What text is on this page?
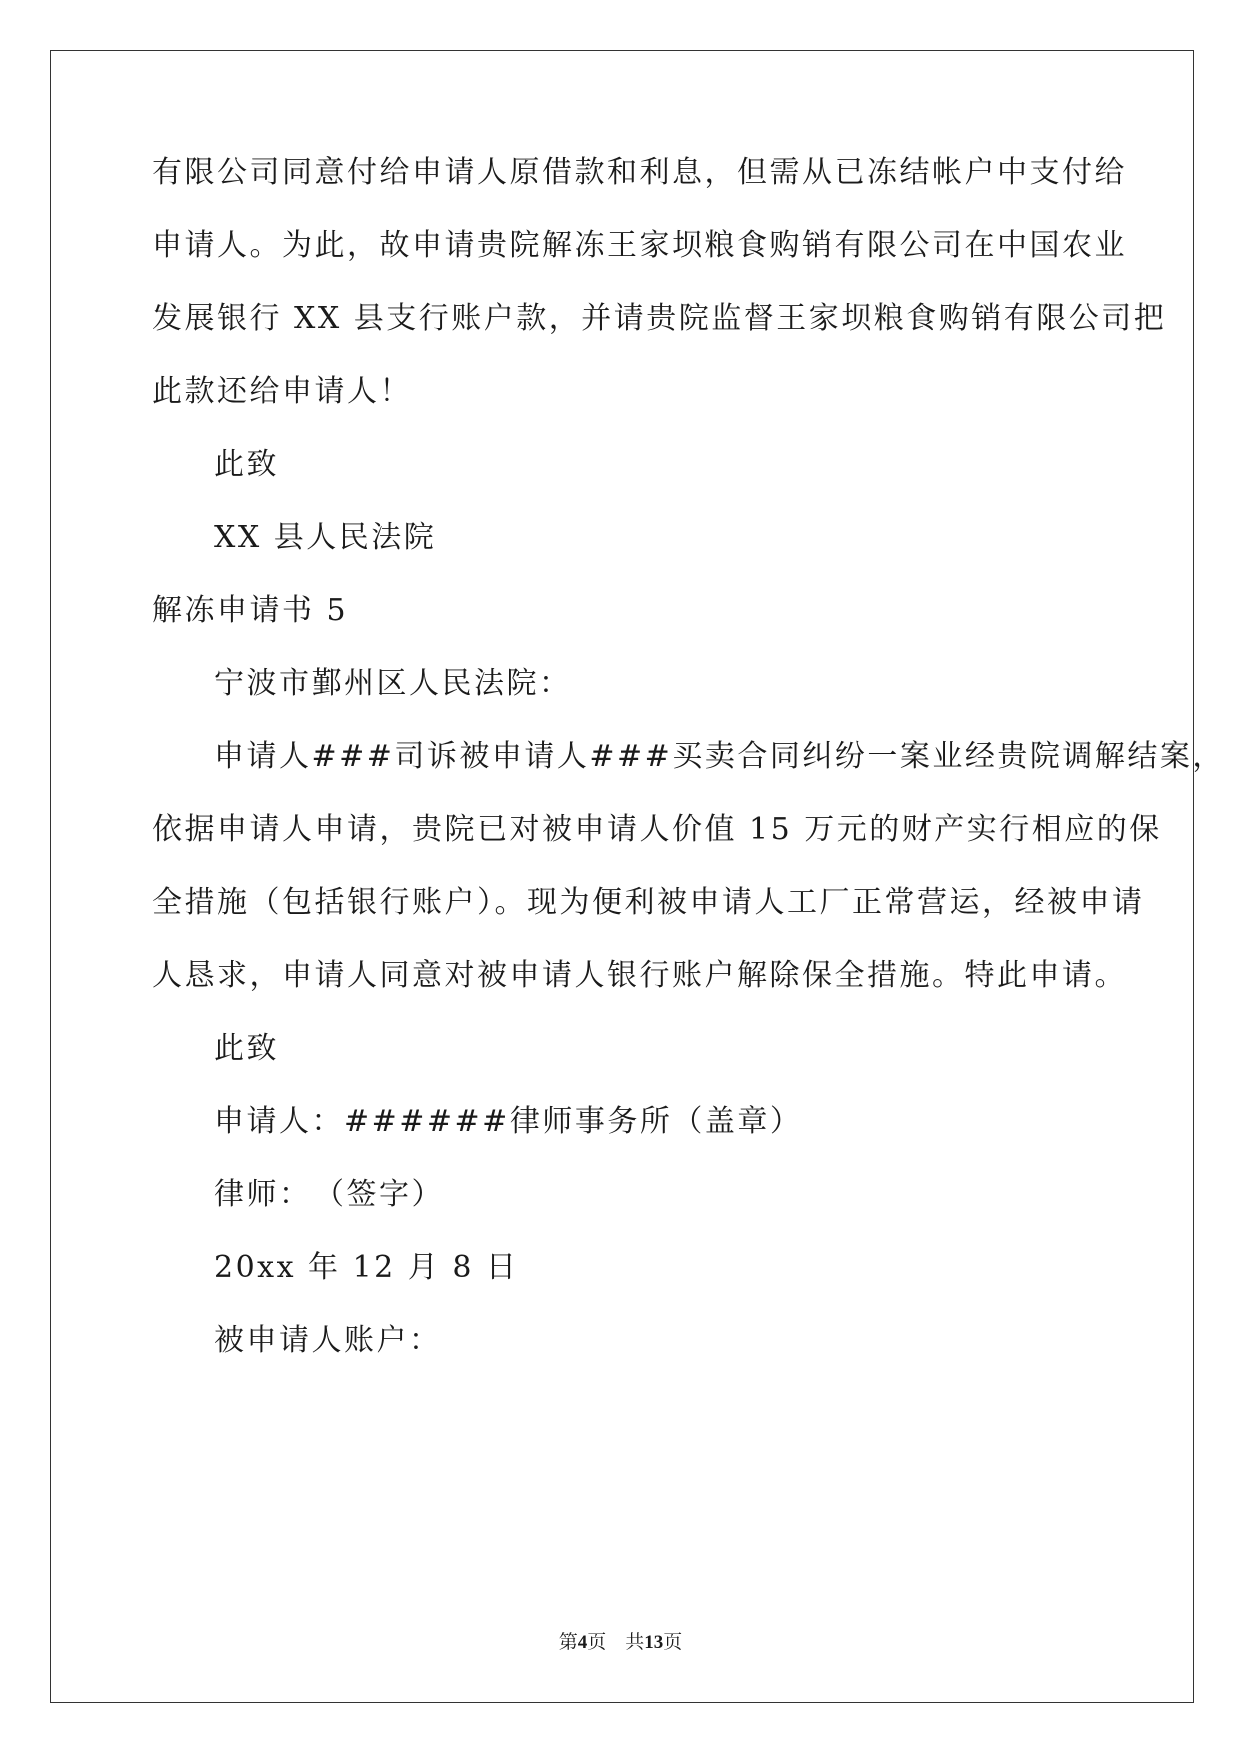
有限公司同意付给申请人原借款和利息，但需从已冻结帐户中支付给
申请人。为此，故申请贵院解冻王家坝粮食购销有限公司在中国农业
发展银行 XX 县支行账户款，并请贵院监督王家坝粮食购销有限公司把
此款还给申请人！
此致
XX 县人民法院
解冻申请书 5
宁波市鄞州区人民法院：
申请人###司诉被申请人###买卖合同纠纷一案业经贵院调解结案，
依据申请人申请，贵院已对被申请人价值 15 万元的财产实行相应的保
全措施（包括银行账户）。现为便利被申请人工厂正常营运，经被申请
人恳求，申请人同意对被申请人银行账户解除保全措施。特此申请。
此致
申请人：######律师事务所（盖章）
律师：　（签字）
20xx 年 12 月 8 日
被申请人账户：
第4页　共13页
